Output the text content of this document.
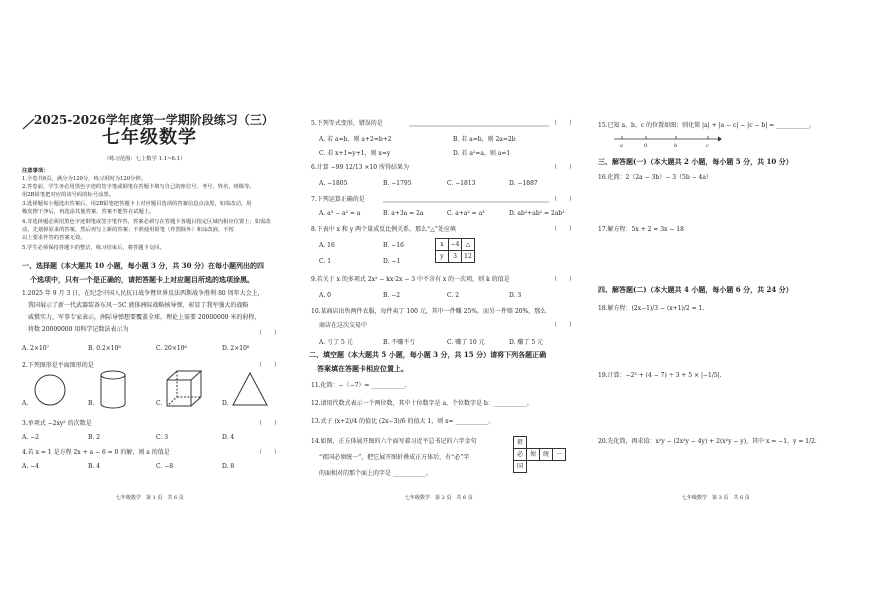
2025-2026学年度第一学期阶段练习（三）
七年级数学
（练习范围：七上数学 1.1~6.1）
注意事项：
1.全卷共6页，满分为120分，练习用时为120分钟。
2.答卷前，学生务必用黑色字迹的签字笔或钢笔在答题卡填写自己的座位号、考号、姓名、班级等。
用2B铅笔把对应的该号码的标号涂黑。
3.选择题每小题选出答案后，用2B铅笔把答题卡上对应题目选项的答案信息点涂黑，如需改动，用
橡皮擦干净后，再选涂其他答案，答案不能答在试题上。
4.非选择题必须用黑色字迹钢笔或签字笔作答，答案必须写在答题卡各题目指定区域内相应位置上；如需改
动，先划掉原来的答案，然后再写上新的答案；不准使用铅笔（作图除外）和涂改液，不按
以上要求作答的答案无效。
5.学生必须保持答题卡的整洁，练习结束后，将答题卡交回。
一、选择题（本大题共 10 小题，每小题 3 分，共 30 分）在每小题列出的四
个选项中，只有一个是正确的，请把答题卡上对应题目所选的选项涂黑。
1.2025 年 9 月 3 日，在纪念中国人民抗日战争暨世界反法西斯战争胜利 80 周年大会上，
我国展示了新一代武器装备东风－5C 液体洲际战略核导弹，彰显了我军强大的战略
威慑实力，军事专家表示，洲际导弹想要覆盖全球，理论上需要 20000000 米的射程，
将数 20000000 用科学记数法表示为
（　　）
A. 2×10⁷	B. 0.2×10⁸	C. 20×10⁶	D. 2×10⁸
2.下列图形是平面图形的是	（　　）
A.	B.	C.	D.
3.单项式 −2xy² 的次数是	（　　）
A. −2	B. 2	C. 3	D. 4
4.若 x = 1 是方程 2x + a − 6 = 0 的解，则 a 的值是	（　　）
A. −4	B. 4	C. −8	D. 8
七年级数学　第 1 页　共 6 页
5.下列等式变形，错误的是	（　　）
A. 若 a=b，则 a+2=b+2	B. 若 a=b，则 2a=2b
C. 若 x+1=y+1，则 x=y	D. 若 a²=a，则 a=1
6.计算 −99 12/13 ×10 所得结果为	（　　）
A. −1805	B. −1795	C. −1813	D. −1887
7.下列运算正确的是	（　　）
A. a³ − a² = a	B. a+3a = 2a	C. a+a² = a³	D. ab²+ab² = 2ab²
8.下表中 x 和 y 两个量成反比例关系，那么“△”处应填	（　　）
A. 16	B. −16
C. 1	D. −1
x	−4	△
y	3	12
9.若关于 x 的多项式 2x² − kx·2x − 3 中不含有 x 的一次项，则 k 的值是	（　　）
A. 0	B. −2	C. 2	D. 3
10.某商店出售两件衣服，每件卖了 100 元，其中一件赚 25%，而另一件赔 20%，那么
商店在这次交易中	（　　）
A. 亏了 5 元	B. 不赚不亏	C. 赚了 10 元	D. 赚了 5 元
二、填空题（本大题共 5 小题，每小题 3 分，共 15 分）请将下列各题正确
答案填在答题卡相应位置上。
11.化简：−（−7）= ___________。
12.请用代数式表示一个两位数，其中十位数字是 a，个位数字是 b：___________。
13.式子 (x+2)/4 的值比 (2x−3)/6 的值大 1，则 x= ___________。
14.如图，正方体展开图的六个面写着习近平总书记的六字金句
“祖国必须统一”，把它展开图折叠成正方体后，有“必”字
的面相对的那个面上的字是 ___________。
祖
必	须	统	一
国
七年级数学　第 2 页　共 6 页
15.已知 a、b、c 的位置如图：则化简 |a| + |a − c| − |c − b| = ___________。
a	0	b	c
三、解答题(一)（本大题共 2 小题，每小题 5 分，共 10 分）
16.化简：2（2a − 3b）− 3（5b − 4a）
17.解方程：5x + 2 = 3x − 18
四、解答题(二)（本大题共 4 小题，每小题 6 分，共 24 分）
18.解方程：(2x−1)/3 − (x+1)/2 = 1.
19.计算：−2³ + (4 − 7) ÷ 3 + 5 × |−1/5|.
20.先化简，再求值：x²y − (2x²y − 4y) + 2(x²y − y)，其中 x = −1，y = 1/2.
七年级数学　第 3 页　共 6 页
